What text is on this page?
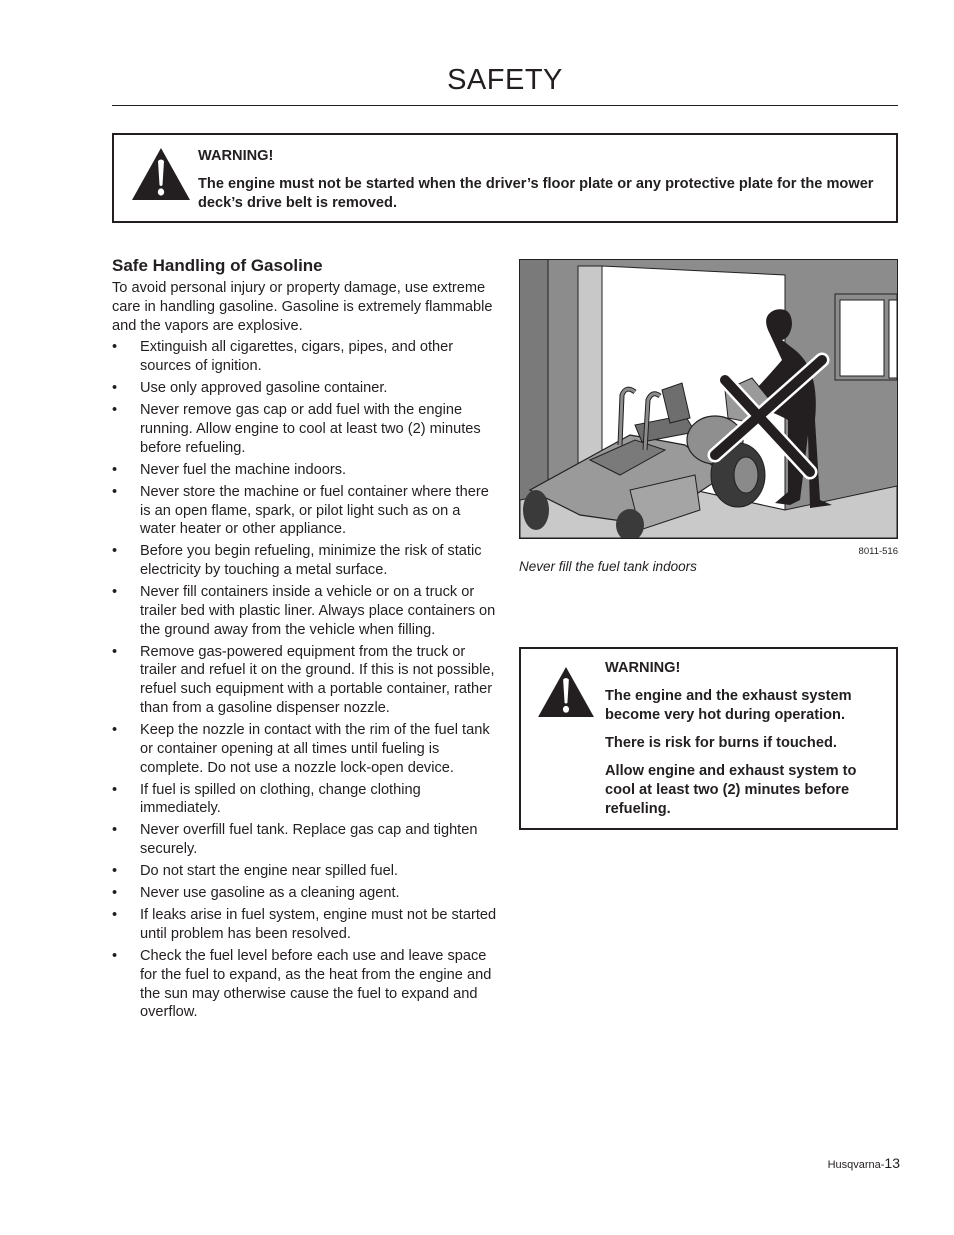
SAFETY

WARNING!

The engine must not be started when the driver’s floor plate or any protective plate for the mower deck’s drive belt is removed.

Safe Handling of Gasoline

To avoid personal injury or property damage, use extreme care in handling gasoline. Gasoline is extremely flammable and the vapors are explosive.

• Extinguish all cigarettes, cigars, pipes, and other sources of ignition.
• Use only approved gasoline container.
• Never remove gas cap or add fuel with the engine running. Allow engine to cool at least two (2) minutes before refueling.
• Never fuel the machine indoors.
• Never store the machine or fuel container where there is an open flame, spark, or pilot light such as on a water heater or other appliance.
• Before you begin refueling, minimize the risk of static electricity by touching a metal surface.
• Never fill containers inside a vehicle or on a truck or trailer bed with plastic liner. Always place containers on the ground away from the vehicle when filling.
• Remove gas-powered equipment from the truck or trailer and refuel it on the ground. If this is not possible, refuel such equipment with a portable container, rather than from a gasoline dispenser nozzle.
• Keep the nozzle in contact with the rim of the fuel tank or container opening at all times until fueling is complete. Do not use a nozzle lock-open device.
• If fuel is spilled on clothing, change clothing immediately.
• Never overfill fuel tank. Replace gas cap and tighten securely.
• Do not start the engine near spilled fuel.
• Never use gasoline as a cleaning agent.
• If leaks arise in fuel system, engine must not be started until problem has been resolved.
• Check the fuel level before each use and leave space for the fuel to expand, as the heat from the engine and the sun may otherwise cause the fuel to expand and overflow.
8011-516
Never fill the fuel tank indoors

WARNING!

The engine and the exhaust system become very hot during operation.

There is risk for burns if touched.

Allow engine and exhaust system to cool at least two (2) minutes before refueling.

Husqvarna-13
